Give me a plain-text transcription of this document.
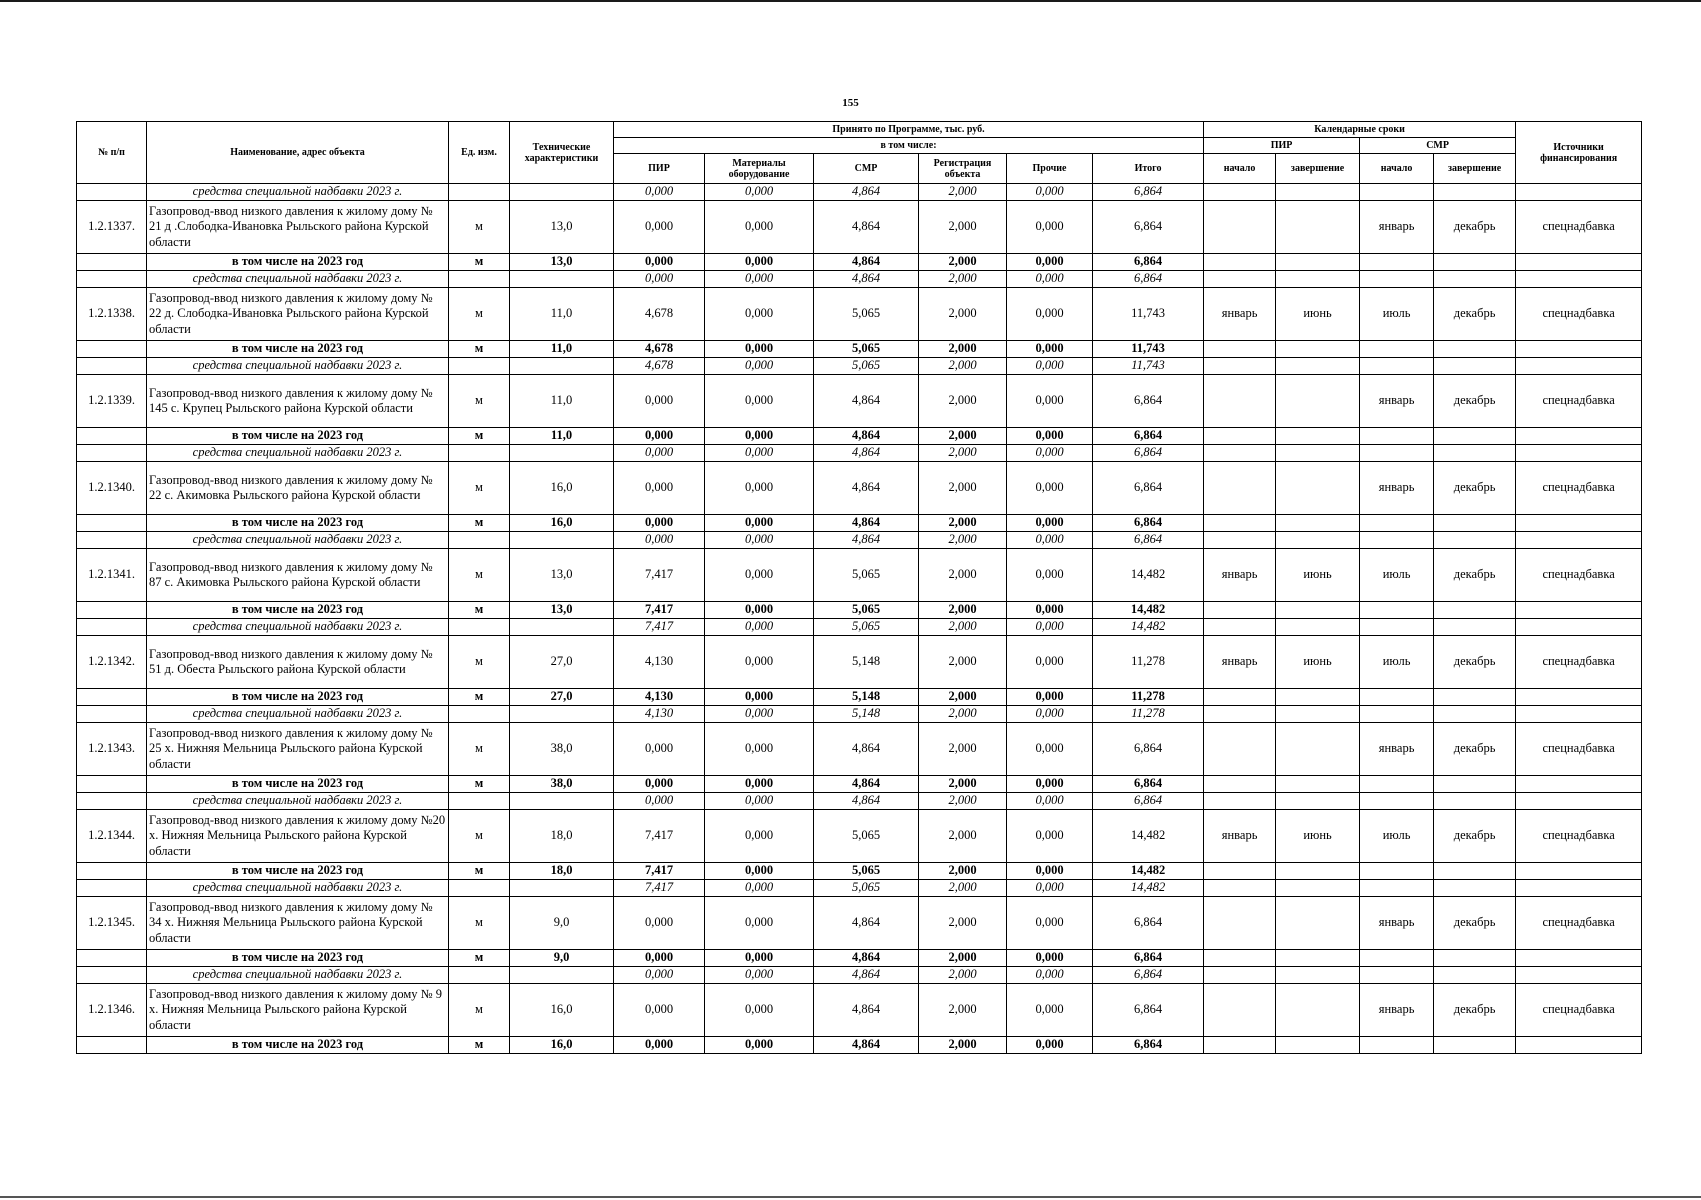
155
№ п/п	Наименование, адрес объекта	Ед. изм.	Технические характеристики	Принято по Программе, тыс. руб.						Календарные сроки				Источники финансирования
				в том числе:						ПИР		СМР		
				ПИР	Материалы оборудование	СМР	Регистрация объекта	Прочие	Итого	начало	завершение	начало	завершение	
	средства специальной надбавки 2023 г.			0,000	0,000	4,864	2,000	0,000	6,864					
1.2.1337.	Газопровод-ввод низкого давления к жилому дому № 21 д .Слободка-Ивановка Рыльского района Курской области	м	13,0	0,000	0,000	4,864	2,000	0,000	6,864			январь	декабрь	спецнадбавка
	в том числе на 2023 год	м	13,0	0,000	0,000	4,864	2,000	0,000	6,864					
	средства специальной надбавки 2023 г.			0,000	0,000	4,864	2,000	0,000	6,864					
1.2.1338.	Газопровод-ввод низкого давления к жилому дому № 22 д. Слободка-Ивановка Рыльского района Курской области	м	11,0	4,678	0,000	5,065	2,000	0,000	11,743	январь	июнь	июль	декабрь	спецнадбавка
	в том числе на 2023 год	м	11,0	4,678	0,000	5,065	2,000	0,000	11,743					
	средства специальной надбавки 2023 г.			4,678	0,000	5,065	2,000	0,000	11,743					
1.2.1339.	Газопровод-ввод низкого давления к жилому дому № 145 с. Крупец Рыльского района Курской области	м	11,0	0,000	0,000	4,864	2,000	0,000	6,864			январь	декабрь	спецнадбавка
	в том числе на 2023 год	м	11,0	0,000	0,000	4,864	2,000	0,000	6,864					
	средства специальной надбавки 2023 г.			0,000	0,000	4,864	2,000	0,000	6,864					
1.2.1340.	Газопровод-ввод низкого давления к жилому дому № 22 с. Акимовка Рыльского района Курской области	м	16,0	0,000	0,000	4,864	2,000	0,000	6,864			январь	декабрь	спецнадбавка
	в том числе на 2023 год	м	16,0	0,000	0,000	4,864	2,000	0,000	6,864					
	средства специальной надбавки 2023 г.			0,000	0,000	4,864	2,000	0,000	6,864					
1.2.1341.	Газопровод-ввод низкого давления к жилому дому № 87 с. Акимовка Рыльского района Курской области	м	13,0	7,417	0,000	5,065	2,000	0,000	14,482	январь	июнь	июль	декабрь	спецнадбавка
	в том числе на 2023 год	м	13,0	7,417	0,000	5,065	2,000	0,000	14,482					
	средства специальной надбавки 2023 г.			7,417	0,000	5,065	2,000	0,000	14,482					
1.2.1342.	Газопровод-ввод низкого давления к жилому дому № 51 д. Обеста Рыльского района Курской области	м	27,0	4,130	0,000	5,148	2,000	0,000	11,278	январь	июнь	июль	декабрь	спецнадбавка
	в том числе на 2023 год	м	27,0	4,130	0,000	5,148	2,000	0,000	11,278					
	средства специальной надбавки 2023 г.			4,130	0,000	5,148	2,000	0,000	11,278					
1.2.1343.	Газопровод-ввод низкого давления к жилому дому № 25 х. Нижняя Мельница Рыльского района Курской области	м	38,0	0,000	0,000	4,864	2,000	0,000	6,864			январь	декабрь	спецнадбавка
	в том числе на 2023 год	м	38,0	0,000	0,000	4,864	2,000	0,000	6,864					
	средства специальной надбавки 2023 г.			0,000	0,000	4,864	2,000	0,000	6,864					
1.2.1344.	Газопровод-ввод низкого давления к жилому дому №20 х. Нижняя Мельница Рыльского района Курской области	м	18,0	7,417	0,000	5,065	2,000	0,000	14,482	январь	июнь	июль	декабрь	спецнадбавка
	в том числе на 2023 год	м	18,0	7,417	0,000	5,065	2,000	0,000	14,482					
	средства специальной надбавки 2023 г.			7,417	0,000	5,065	2,000	0,000	14,482					
1.2.1345.	Газопровод-ввод низкого давления к жилому дому № 34 х. Нижняя Мельница Рыльского района Курской области	м	9,0	0,000	0,000	4,864	2,000	0,000	6,864			январь	декабрь	спецнадбавка
	в том числе на 2023 год	м	9,0	0,000	0,000	4,864	2,000	0,000	6,864					
	средства специальной надбавки 2023 г.			0,000	0,000	4,864	2,000	0,000	6,864					
1.2.1346.	Газопровод-ввод низкого давления к жилому дому № 9 х. Нижняя Мельница Рыльского района Курской области	м	16,0	0,000	0,000	4,864	2,000	0,000	6,864			январь	декабрь	спецнадбавка
	в том числе на 2023 год	м	16,0	0,000	0,000	4,864	2,000	0,000	6,864					
